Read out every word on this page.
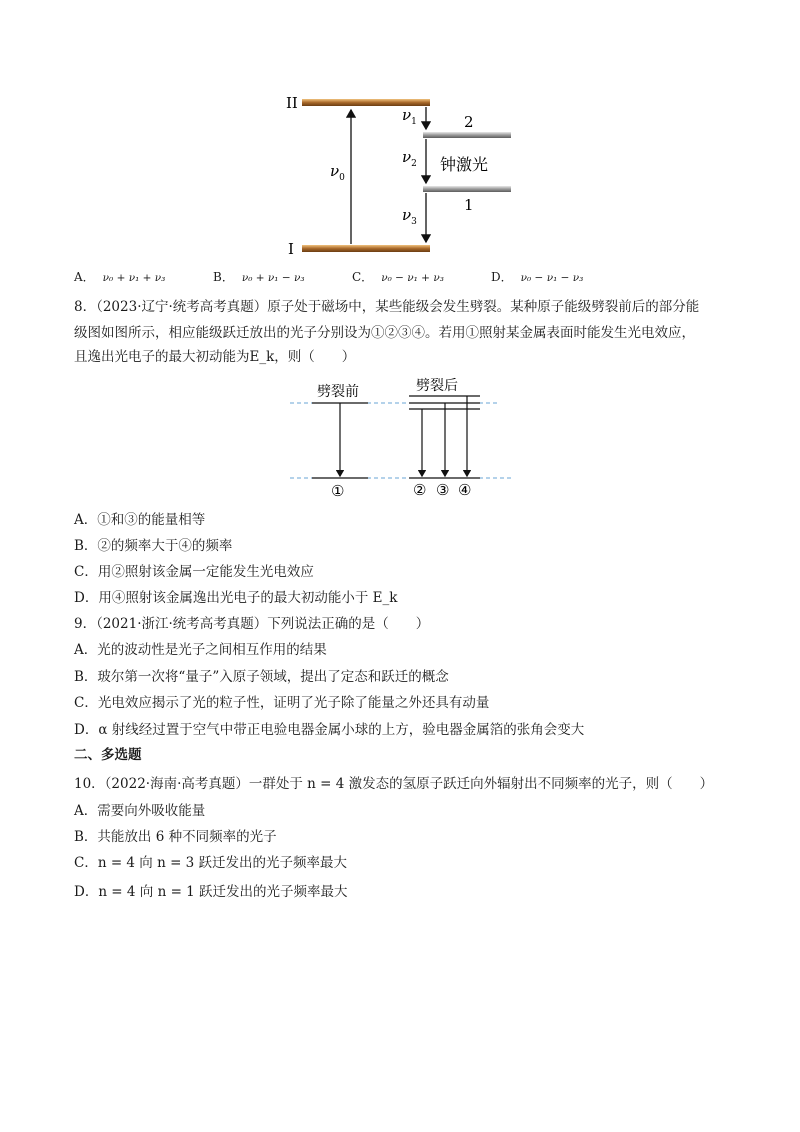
II
I
$\nu_0$
$\nu_1$
$\nu_2$
$\nu_3$
2
1
钟激光
A． ν₀ + ν₁ + ν₃	B． ν₀ + ν₁ − ν₃	C． ν₀ − ν₁ + ν₃	D． ν₀ − ν₁ − ν₃
8．（2023·辽宁·统考高考真题）原子处于磁场中，某些能级会发生劈裂。某种原子能级劈裂前后的部分能
级图如图所示，相应能级跃迁放出的光子分别设为①②③④。若用①照射某金属表面时能发生光电效应，
且逸出光电子的最大初动能为E_k，则（　　）
劈裂前	劈裂后
①	② ③ ④
A．①和③的能量相等
B．②的频率大于④的频率
C．用②照射该金属一定能发生光电效应
D．用④照射该金属逸出光电子的最大初动能小于 E_k
9．（2021·浙江·统考高考真题）下列说法正确的是（　　）
A．光的波动性是光子之间相互作用的结果
B．玻尔第一次将“量子”入原子领域，提出了定态和跃迁的概念
C．光电效应揭示了光的粒子性，证明了光子除了能量之外还具有动量
D．α 射线经过置于空气中带正电验电器金属小球的上方，验电器金属箔的张角会变大
二、多选题
10．（2022·海南·高考真题）一群处于 n = 4 激发态的氢原子跃迁向外辐射出不同频率的光子，则（　　）
A．需要向外吸收能量
B．共能放出 6 种不同频率的光子
C．n = 4 向 n = 3 跃迁发出的光子频率最大
D．n = 4 向 n = 1 跃迁发出的光子频率最大
